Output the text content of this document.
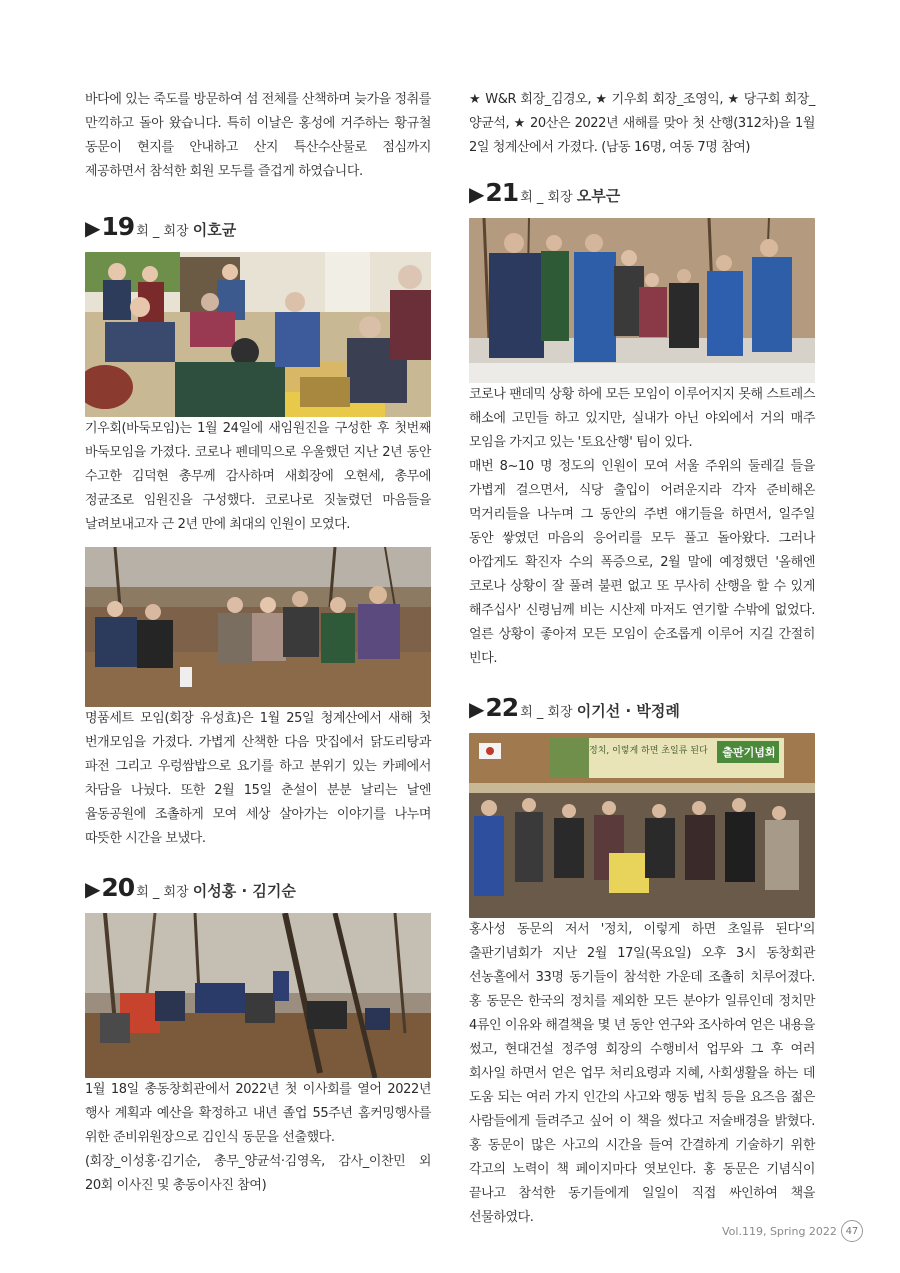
바다에 있는 죽도를 방문하여 섬 전체를 산책하며 늦가을 정취를 만끽하고 돌아 왔습니다. 특히 이날은 홍성에 거주하는 황규철 동문이 현지를 안내하고 산지 특산수산물로 점심까지 제공하면서 참석한 회원 모두를 즐겁게 하였습니다.

▶ 19 회 _ 회장 이호균

기우회(바둑모임)는 1월 24일에 새임원진을 구성한 후 첫번째 바둑모임을 가졌다. 코로나 펜데믹으로 우울했던 지난 2년 동안 수고한 김덕현 총무께 감사하며 새회장에 오현세, 총무에 정균조로 임원진을 구성했다. 코로나로 짓눌렸던 마음들을 날려보내고자 근 2년 만에 최대의 인원이 모였다.

명품세트 모임(회장 유성효)은 1월 25일 청계산에서 새해 첫 번개모임을 가졌다. 가볍게 산책한 다음 맛집에서 닭도리탕과 파전 그리고 우렁쌈밥으로 요기를 하고 분위기 있는 카페에서 차담을 나눴다. 또한 2월 15일 춘설이 분분 날리는 날엔 율동공원에 조촐하게 모여 세상 살아가는 이야기를 나누며 따뜻한 시간을 보냈다.

▶ 20 회 _ 회장 이성홍 · 김기순

1월 18일 총동창회관에서 2022년 첫 이사회를 열어 2022년 행사 계획과 예산을 확정하고 내년 졸업 55주년 홈커밍행사를 위한 준비위원장으로 김인식 동문을 선출했다.

(회장_이성홍·김기순, 총무_양균석·김영옥, 감사_이찬민 외 20회 이사진 및 총동이사진 참여)

★ W&R 회장_김경오, ★ 기우회 회장_조영익, ★ 당구회 회장_양균석, ★ 20산은 2022년 새해를 맞아 첫 산행(312차)을 1월 2일 청계산에서 가졌다. (남동 16명, 여동 7명 참여)

▶ 21 회 _ 회장 오부근

코로나 팬데믹 상황 하에 모든 모임이 이루어지지 못해 스트레스 해소에 고민들 하고 있지만, 실내가 아닌 야외에서 거의 매주 모임을 가지고 있는 '토요산행' 팀이 있다.

매번 8~10 명 정도의 인원이 모여 서울 주위의 둘레길 들을 가볍게 걸으면서, 식당 출입이 어려운지라 각자 준비해온 먹거리들을 나누며 그 동안의 주변 얘기들을 하면서, 일주일 동안 쌓였던 마음의 응어리를 모두 풀고 돌아왔다. 그러나 아깝게도 확진자 수의 폭증으로, 2월 말에 예정했던 '올해엔 코로나 상황이 잘 풀려 불편 없고 또 무사히 산행을 할 수 있게 해주십사' 신령님께 비는 시산제 마저도 연기할 수밖에 없었다. 얼른 상황이 좋아져 모든 모임이 순조롭게 이루어 지길 간절히 빈다.

▶ 22 회 _ 회장 이기선 · 박정례
정치, 이렇게 하면 초일류 된다	출판기념회

홍사성 동문의 저서 '정치, 이렇게 하면 초일류 된다'의 출판기념회가 지난 2월 17일(목요일) 오후 3시 동창회관 선농홀에서 33명 동기들이 참석한 가운데 조촐히 치루어졌다. 홍 동문은 한국의 정치를 제외한 모든 분야가 일류인데 정치만 4류인 이유와 해결책을 몇 년 동안 연구와 조사하여 얻은 내용을 썼고, 현대건설 정주영 회장의 수행비서 업무와 그 후 여러 회사일 하면서 얻은 업무 처리요령과 지혜, 사회생활을 하는 데 도움 되는 여러 가지 인간의 사고와 행동 법칙 등을 요즈음 젊은 사람들에게 들려주고 싶어 이 책을 썼다고 저술배경을 밝혔다. 홍 동문이 많은 사고의 시간을 들여 간결하게 기술하기 위한 각고의 노력이 책 페이지마다 엿보인다. 홍 동문은 기념식이 끝나고 참석한 동기들에게 일일이 직접 싸인하여 책을 선물하였다.

Vol.119, Spring 2022 47
